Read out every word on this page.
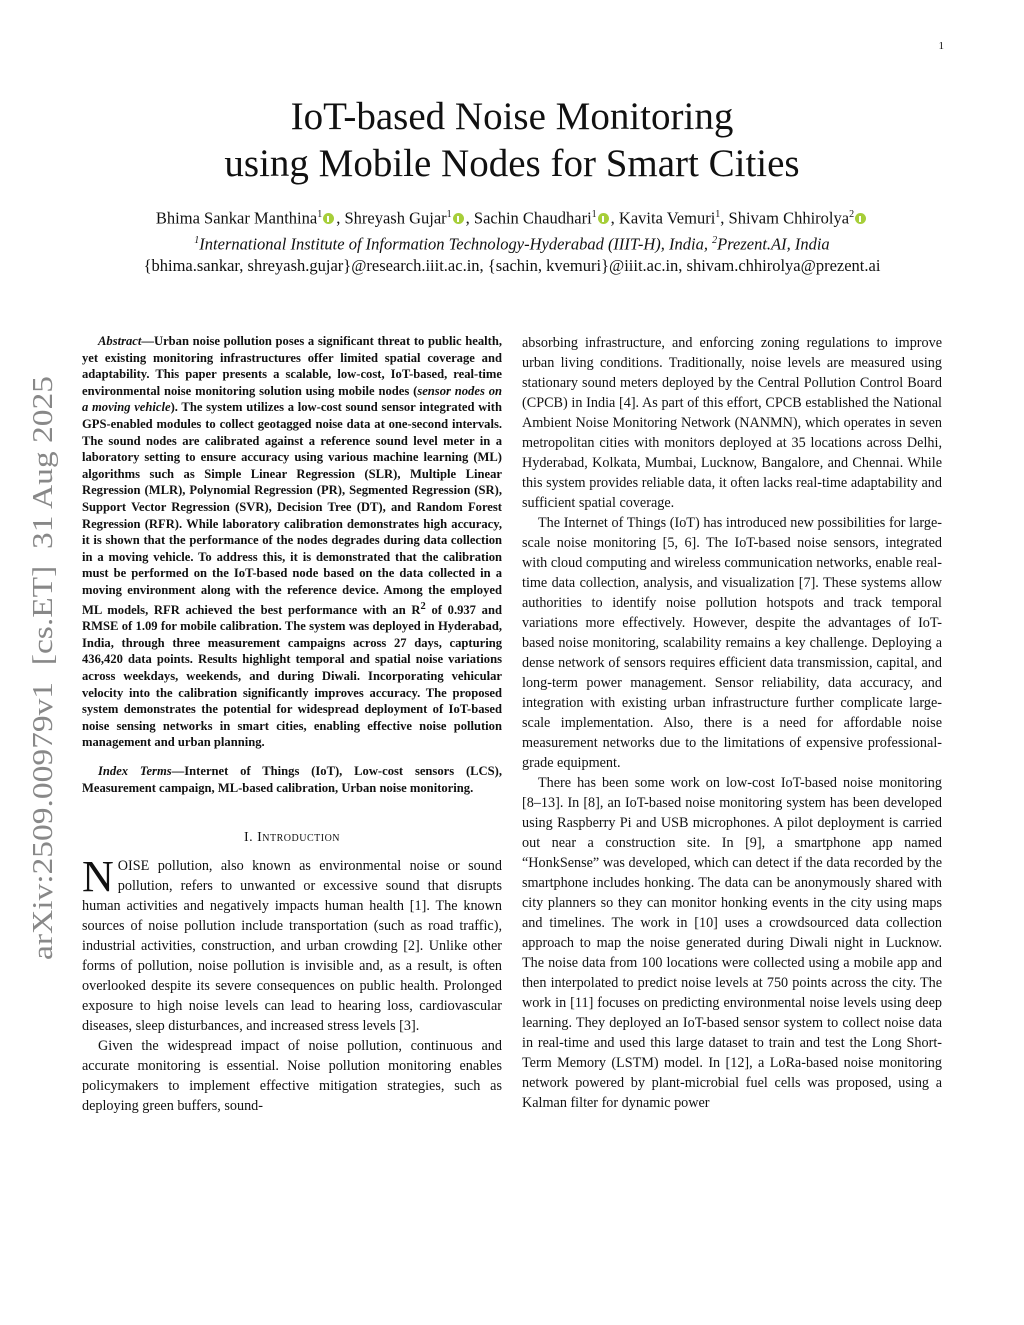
1
arXiv:2509.00979v1  [cs.ET]  31 Aug 2025
IoT-based Noise Monitoring
using Mobile Nodes for Smart Cities
Bhima Sankar Manthina$^1$ , Shreyash Gujar$^1$ , Sachin Chaudhari$^1$ , Kavita Vemuri$^1$, Shivam Chhirolya$^2$
$^1$International Institute of Information Technology-Hyderabad (IIIT-H), India, $^2$Prezent.AI, India
{bhima.sankar, shreyash.gujar}@research.iiit.ac.in, {sachin, kvemuri}@iiit.ac.in, shivam.chhirolya@prezent.ai

Abstract—Urban noise pollution poses a significant threat to public health, yet existing monitoring infrastructures offer limited spatial coverage and adaptability. This paper presents a scalable, low-cost, IoT-based, real-time environmental noise monitoring solution using mobile nodes (sensor nodes on a moving vehicle). The system utilizes a low-cost sound sensor integrated with GPS-enabled modules to collect geotagged noise data at one-second intervals. The sound nodes are calibrated against a reference sound level meter in a laboratory setting to ensure accuracy using various machine learning (ML) algorithms such as Simple Linear Regression (SLR), Multiple Linear Regression (MLR), Polynomial Regression (PR), Segmented Regression (SR), Support Vector Regression (SVR), Decision Tree (DT), and Random Forest Regression (RFR). While laboratory calibration demonstrates high accuracy, it is shown that the performance of the nodes degrades during data collection in a moving vehicle. To address this, it is demonstrated that the calibration must be performed on the IoT-based node based on the data collected in a moving environment along with the reference device. Among the employed ML models, RFR achieved the best performance with an $R^2$ of 0.937 and RMSE of 1.09 for mobile calibration. The system was deployed in Hyderabad, India, through three measurement campaigns across 27 days, capturing 436,420 data points. Results highlight temporal and spatial noise variations across weekdays, weekends, and during Diwali. Incorporating vehicular velocity into the calibration significantly improves accuracy. The proposed system demonstrates the potential for widespread deployment of IoT-based noise sensing networks in smart cities, enabling effective noise pollution management and urban planning.

Index Terms—Internet of Things (IoT), Low-cost sensors (LCS), Measurement campaign, ML-based calibration, Urban noise monitoring.

I. Introduction

NOISE pollution, also known as environmental noise or sound pollution, refers to unwanted or excessive sound that disrupts human activities and negatively impacts human health [1]. The known sources of noise pollution include transportation (such as road traffic), industrial activities, construction, and urban crowding [2]. Unlike other forms of pollution, noise pollution is invisible and, as a result, is often overlooked despite its severe consequences on public health. Prolonged exposure to high noise levels can lead to hearing loss, cardiovascular diseases, sleep disturbances, and increased stress levels [3].

Given the widespread impact of noise pollution, continuous and accurate monitoring is essential. Noise pollution monitoring enables policymakers to implement effective mitigation strategies, such as deploying green buffers, sound-

absorbing infrastructure, and enforcing zoning regulations to improve urban living conditions. Traditionally, noise levels are measured using stationary sound meters deployed by the Central Pollution Control Board (CPCB) in India [4]. As part of this effort, CPCB established the National Ambient Noise Monitoring Network (NANMN), which operates in seven metropolitan cities with monitors deployed at 35 locations across Delhi, Hyderabad, Kolkata, Mumbai, Lucknow, Bangalore, and Chennai. While this system provides reliable data, it often lacks real-time adaptability and sufficient spatial coverage.

The Internet of Things (IoT) has introduced new possibilities for large-scale noise monitoring [5, 6]. The IoT-based noise sensors, integrated with cloud computing and wireless communication networks, enable real-time data collection, analysis, and visualization [7]. These systems allow authorities to identify noise pollution hotspots and track temporal variations more effectively. However, despite the advantages of IoT-based noise monitoring, scalability remains a key challenge. Deploying a dense network of sensors requires efficient data transmission, capital, and long-term power management. Sensor reliability, data accuracy, and integration with existing urban infrastructure further complicate large-scale implementation. Also, there is a need for affordable noise measurement networks due to the limitations of expensive professional-grade equipment.

There has been some work on low-cost IoT-based noise monitoring [8–13]. In [8], an IoT-based noise monitoring system has been developed using Raspberry Pi and USB microphones. A pilot deployment is carried out near a construction site. In [9], a smartphone app named “HonkSense” was developed, which can detect if the data recorded by the smartphone includes honking. The data can be anonymously shared with city planners so they can monitor honking events in the city using maps and timelines. The work in [10] uses a crowdsourced data collection approach to map the noise generated during Diwali night in Lucknow. The noise data from 100 locations were collected using a mobile app and then interpolated to predict noise levels at 750 points across the city. The work in [11] focuses on predicting environmental noise levels using deep learning. They deployed an IoT-based sensor system to collect noise data in real-time and used this large dataset to train and test the Long Short-Term Memory (LSTM) model. In [12], a LoRa-based noise monitoring network powered by plant-microbial fuel cells was proposed, using a Kalman filter for dynamic power
